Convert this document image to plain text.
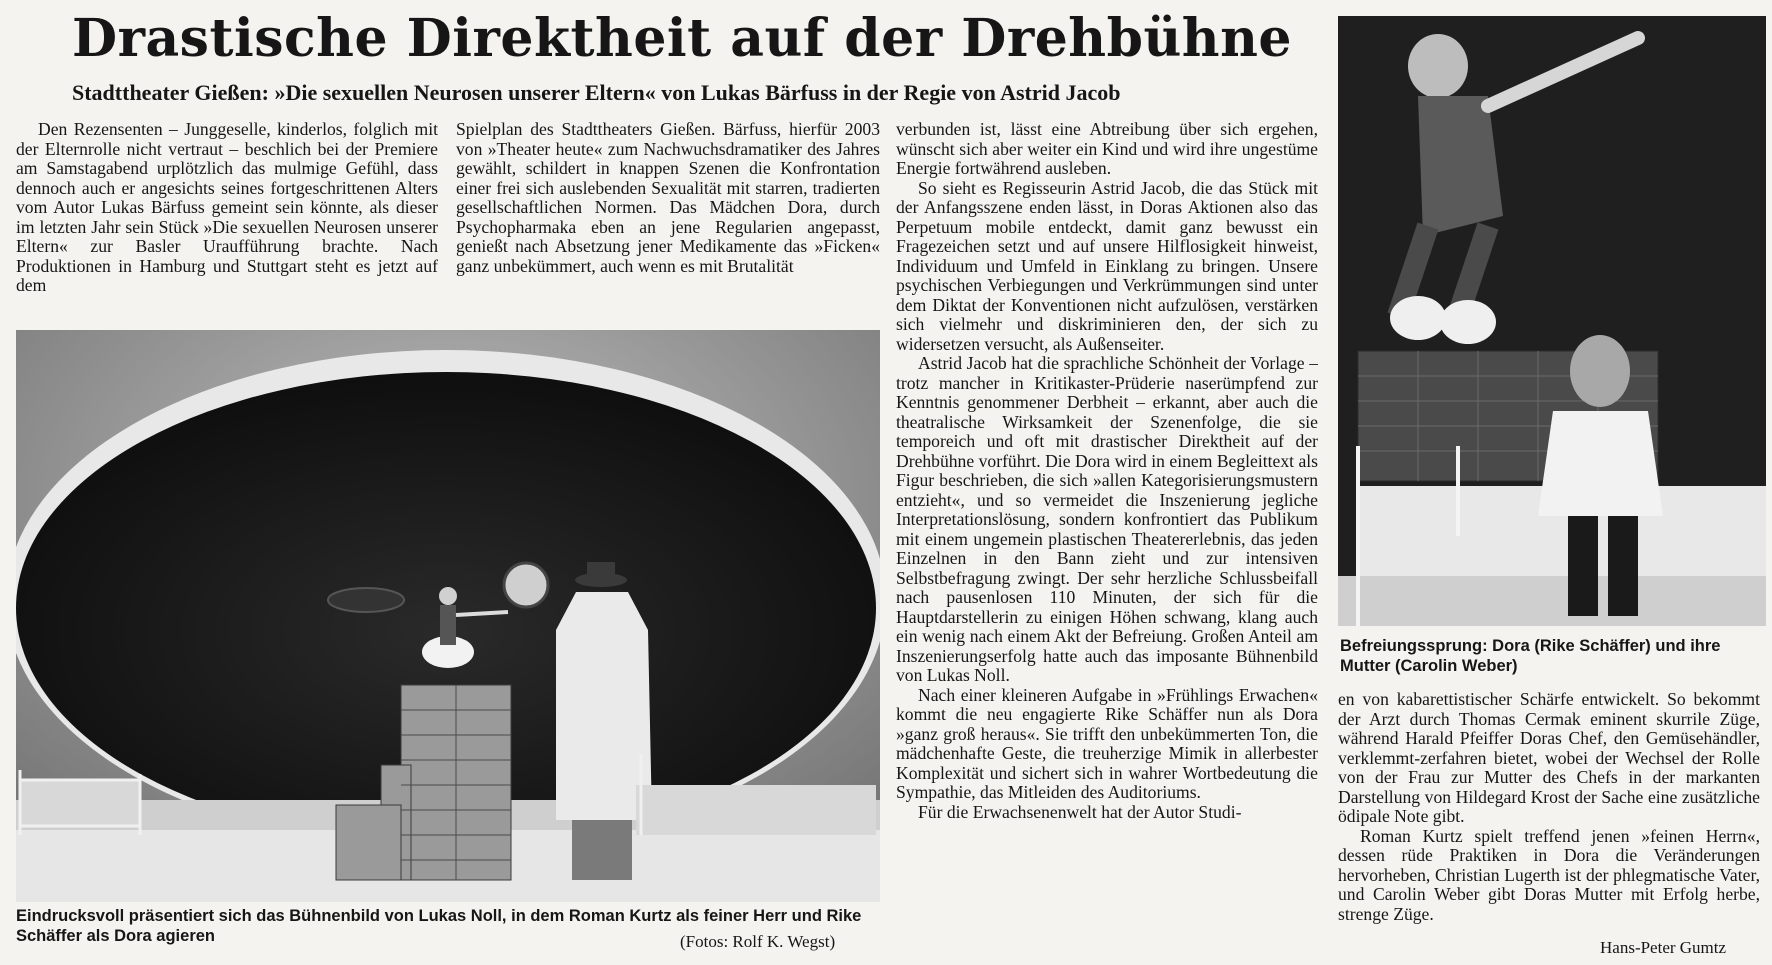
Drastische Direktheit auf der Drehbühne
Stadttheater Gießen: »Die sexuellen Neurosen unserer Eltern« von Lukas Bärfuss in der Regie von Astrid Jacob

Den Rezensenten – Junggeselle, kinderlos, folglich mit der Elternrolle nicht vertraut – beschlich bei der Premiere am Samstagabend urplötzlich das mulmige Gefühl, dass dennoch auch er angesichts seines fortgeschrittenen Alters vom Autor Lukas Bärfuss gemeint sein könnte, als dieser im letzten Jahr sein Stück »Die sexuellen Neurosen unserer Eltern« zur Basler Uraufführung brachte. Nach Produktionen in Hamburg und Stuttgart steht es jetzt auf dem

Spielplan des Stadttheaters Gießen. Bärfuss, hierfür 2003 von »Theater heute« zum Nachwuchsdramatiker des Jahres gewählt, schildert in knappen Szenen die Konfrontation einer frei sich auslebenden Sexualität mit starren, tradierten gesellschaftlichen Normen. Das Mädchen Dora, durch Psychopharmaka eben an jene Regularien angepasst, genießt nach Absetzung jener Medikamente das »Ficken« ganz unbekümmert, auch wenn es mit Brutalität

verbunden ist, lässt eine Abtreibung über sich ergehen, wünscht sich aber weiter ein Kind und wird ihre ungestüme Energie fortwährend ausleben.

So sieht es Regisseurin Astrid Jacob, die das Stück mit der Anfangsszene enden lässt, in Doras Aktionen also das Perpetuum mobile entdeckt, damit ganz bewusst ein Fragezeichen setzt und auf unsere Hilflosigkeit hinweist, Individuum und Umfeld in Einklang zu bringen. Unsere psychischen Verbiegungen und Verkrümmungen sind unter dem Diktat der Konventionen nicht aufzulösen, verstärken sich vielmehr und diskriminieren den, der sich zu widersetzen versucht, als Außenseiter.

Astrid Jacob hat die sprachliche Schönheit der Vorlage – trotz mancher in Kritikaster-Prüderie naserümpfend zur Kenntnis genommener Derbheit – erkannt, aber auch die theatralische Wirksamkeit der Szenenfolge, die sie temporeich und oft mit drastischer Direktheit auf der Drehbühne vorführt. Die Dora wird in einem Begleittext als Figur beschrieben, die sich »allen Kategorisierungsmustern entzieht«, und so vermeidet die Inszenierung jegliche Interpretationslösung, sondern konfrontiert das Publikum mit einem ungemein plastischen Theatererlebnis, das jeden Einzelnen in den Bann zieht und zur intensiven Selbstbefragung zwingt. Der sehr herzliche Schlussbeifall nach pausenlosen 110 Minuten, der sich für die Hauptdarstellerin zu einigen Höhen schwang, klang auch ein wenig nach einem Akt der Befreiung. Großen Anteil am Inszenierungserfolg hatte auch das imposante Bühnenbild von Lukas Noll.

Nach einer kleineren Aufgabe in »Frühlings Erwachen« kommt die neu engagierte Rike Schäffer nun als Dora »ganz groß heraus«. Sie trifft den unbekümmerten Ton, die mädchenhafte Geste, die treuherzige Mimik in allerbester Komplexität und sichert sich in wahrer Wortbedeutung die Sympathie, das Mitleiden des Auditoriums.

Für die Erwachsenenwelt hat der Autor Studi-

en von kabarettistischer Schärfe entwickelt. So bekommt der Arzt durch Thomas Cermak eminent skurrile Züge, während Harald Pfeiffer Doras Chef, den Gemüsehändler, verklemmt-zerfahren bietet, wobei der Wechsel der Rolle von der Frau zur Mutter des Chefs in der markanten Darstellung von Hildegard Krost der Sache eine zusätzliche ödipale Note gibt.

Roman Kurtz spielt treffend jenen »feinen Herrn«, dessen rüde Praktiken in Dora die Veränderungen hervorheben, Christian Lugerth ist der phlegmatische Vater, und Carolin Weber gibt Doras Mutter mit Erfolg herbe, strenge Züge.

Eindrucksvoll präsentiert sich das Bühnenbild von Lukas Noll, in dem Roman Kurtz als feiner Herr und Rike Schäffer als Dora agieren	(Fotos: Rolf K. Wegst)
Befreiungssprung: Dora (Rike Schäffer) und ihre Mutter (Carolin Weber)
Hans-Peter Gumtz
